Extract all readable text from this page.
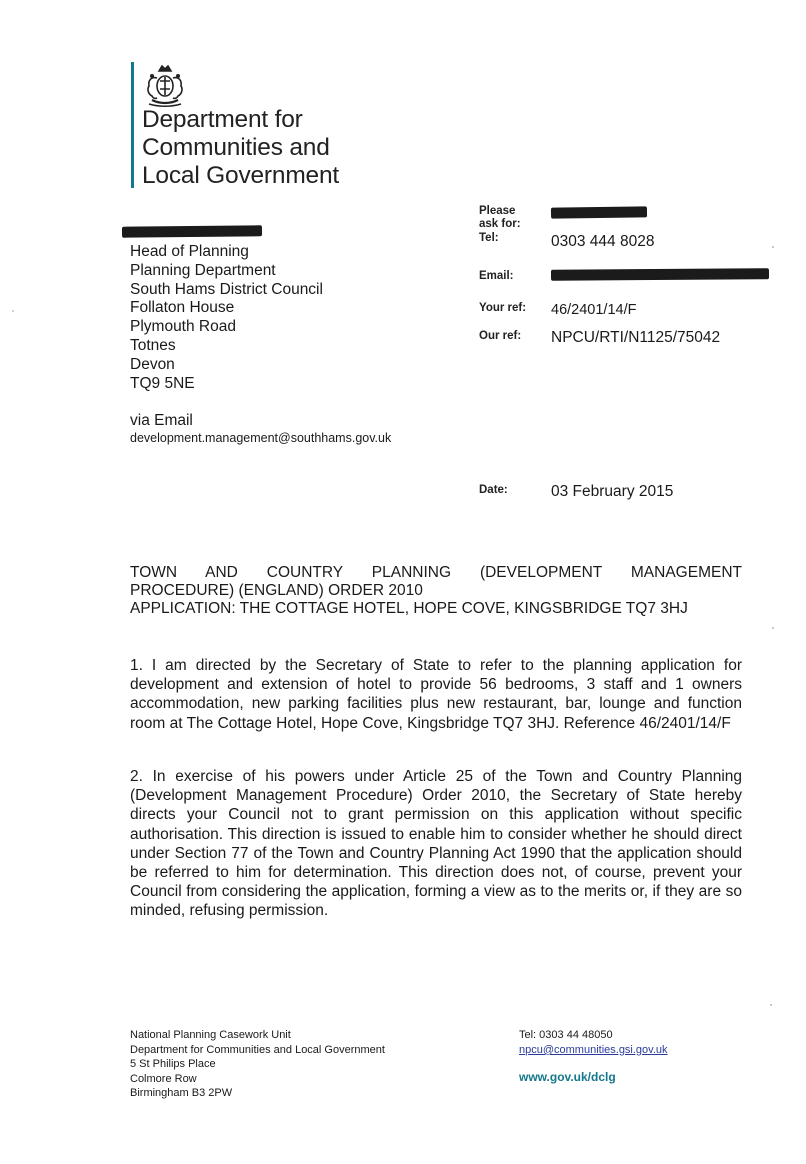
Department for
Communities and
Local Government
Head of Planning
Planning Department
South Hams District Council
Follaton House
Plymouth Road
Totnes
Devon
TQ9 5NE
via Email
development.management@southhams.gov.uk
Please
ask for:
Tel:	0303 444 8028
Email:
Your ref: 46/2401/14/F
Our ref: NPCU/RTI/N1125/75042
Date:	03 February 2015
TOWN AND COUNTRY PLANNING (DEVELOPMENT MANAGEMENT
PROCEDURE) (ENGLAND) ORDER 2010
APPLICATION: THE COTTAGE HOTEL, HOPE COVE, KINGSBRIDGE TQ7 3HJ
1. I am directed by the Secretary of State to refer to the planning application for development and extension of hotel to provide 56 bedrooms, 3 staff and 1 owners accommodation, new parking facilities plus new restaurant, bar, lounge and function room at The Cottage Hotel, Hope Cove, Kingsbridge TQ7 3HJ. Reference 46/2401/14/F
2. In exercise of his powers under Article 25 of the Town and Country Planning (Development Management Procedure) Order 2010, the Secretary of State hereby directs your Council not to grant permission on this application without specific authorisation. This direction is issued to enable him to consider whether he should direct under Section 77 of the Town and Country Planning Act 1990 that the application should be referred to him for determination. This direction does not, of course, prevent your Council from considering the application, forming a view as to the merits or, if they are so minded, refusing permission.
National Planning Casework Unit
Department for Communities and Local Government
5 St Philips Place
Colmore Row
Birmingham B3 2PW
Tel: 0303 44 48050
npcu@communities.gsi.gov.uk
www.gov.uk/dclg
